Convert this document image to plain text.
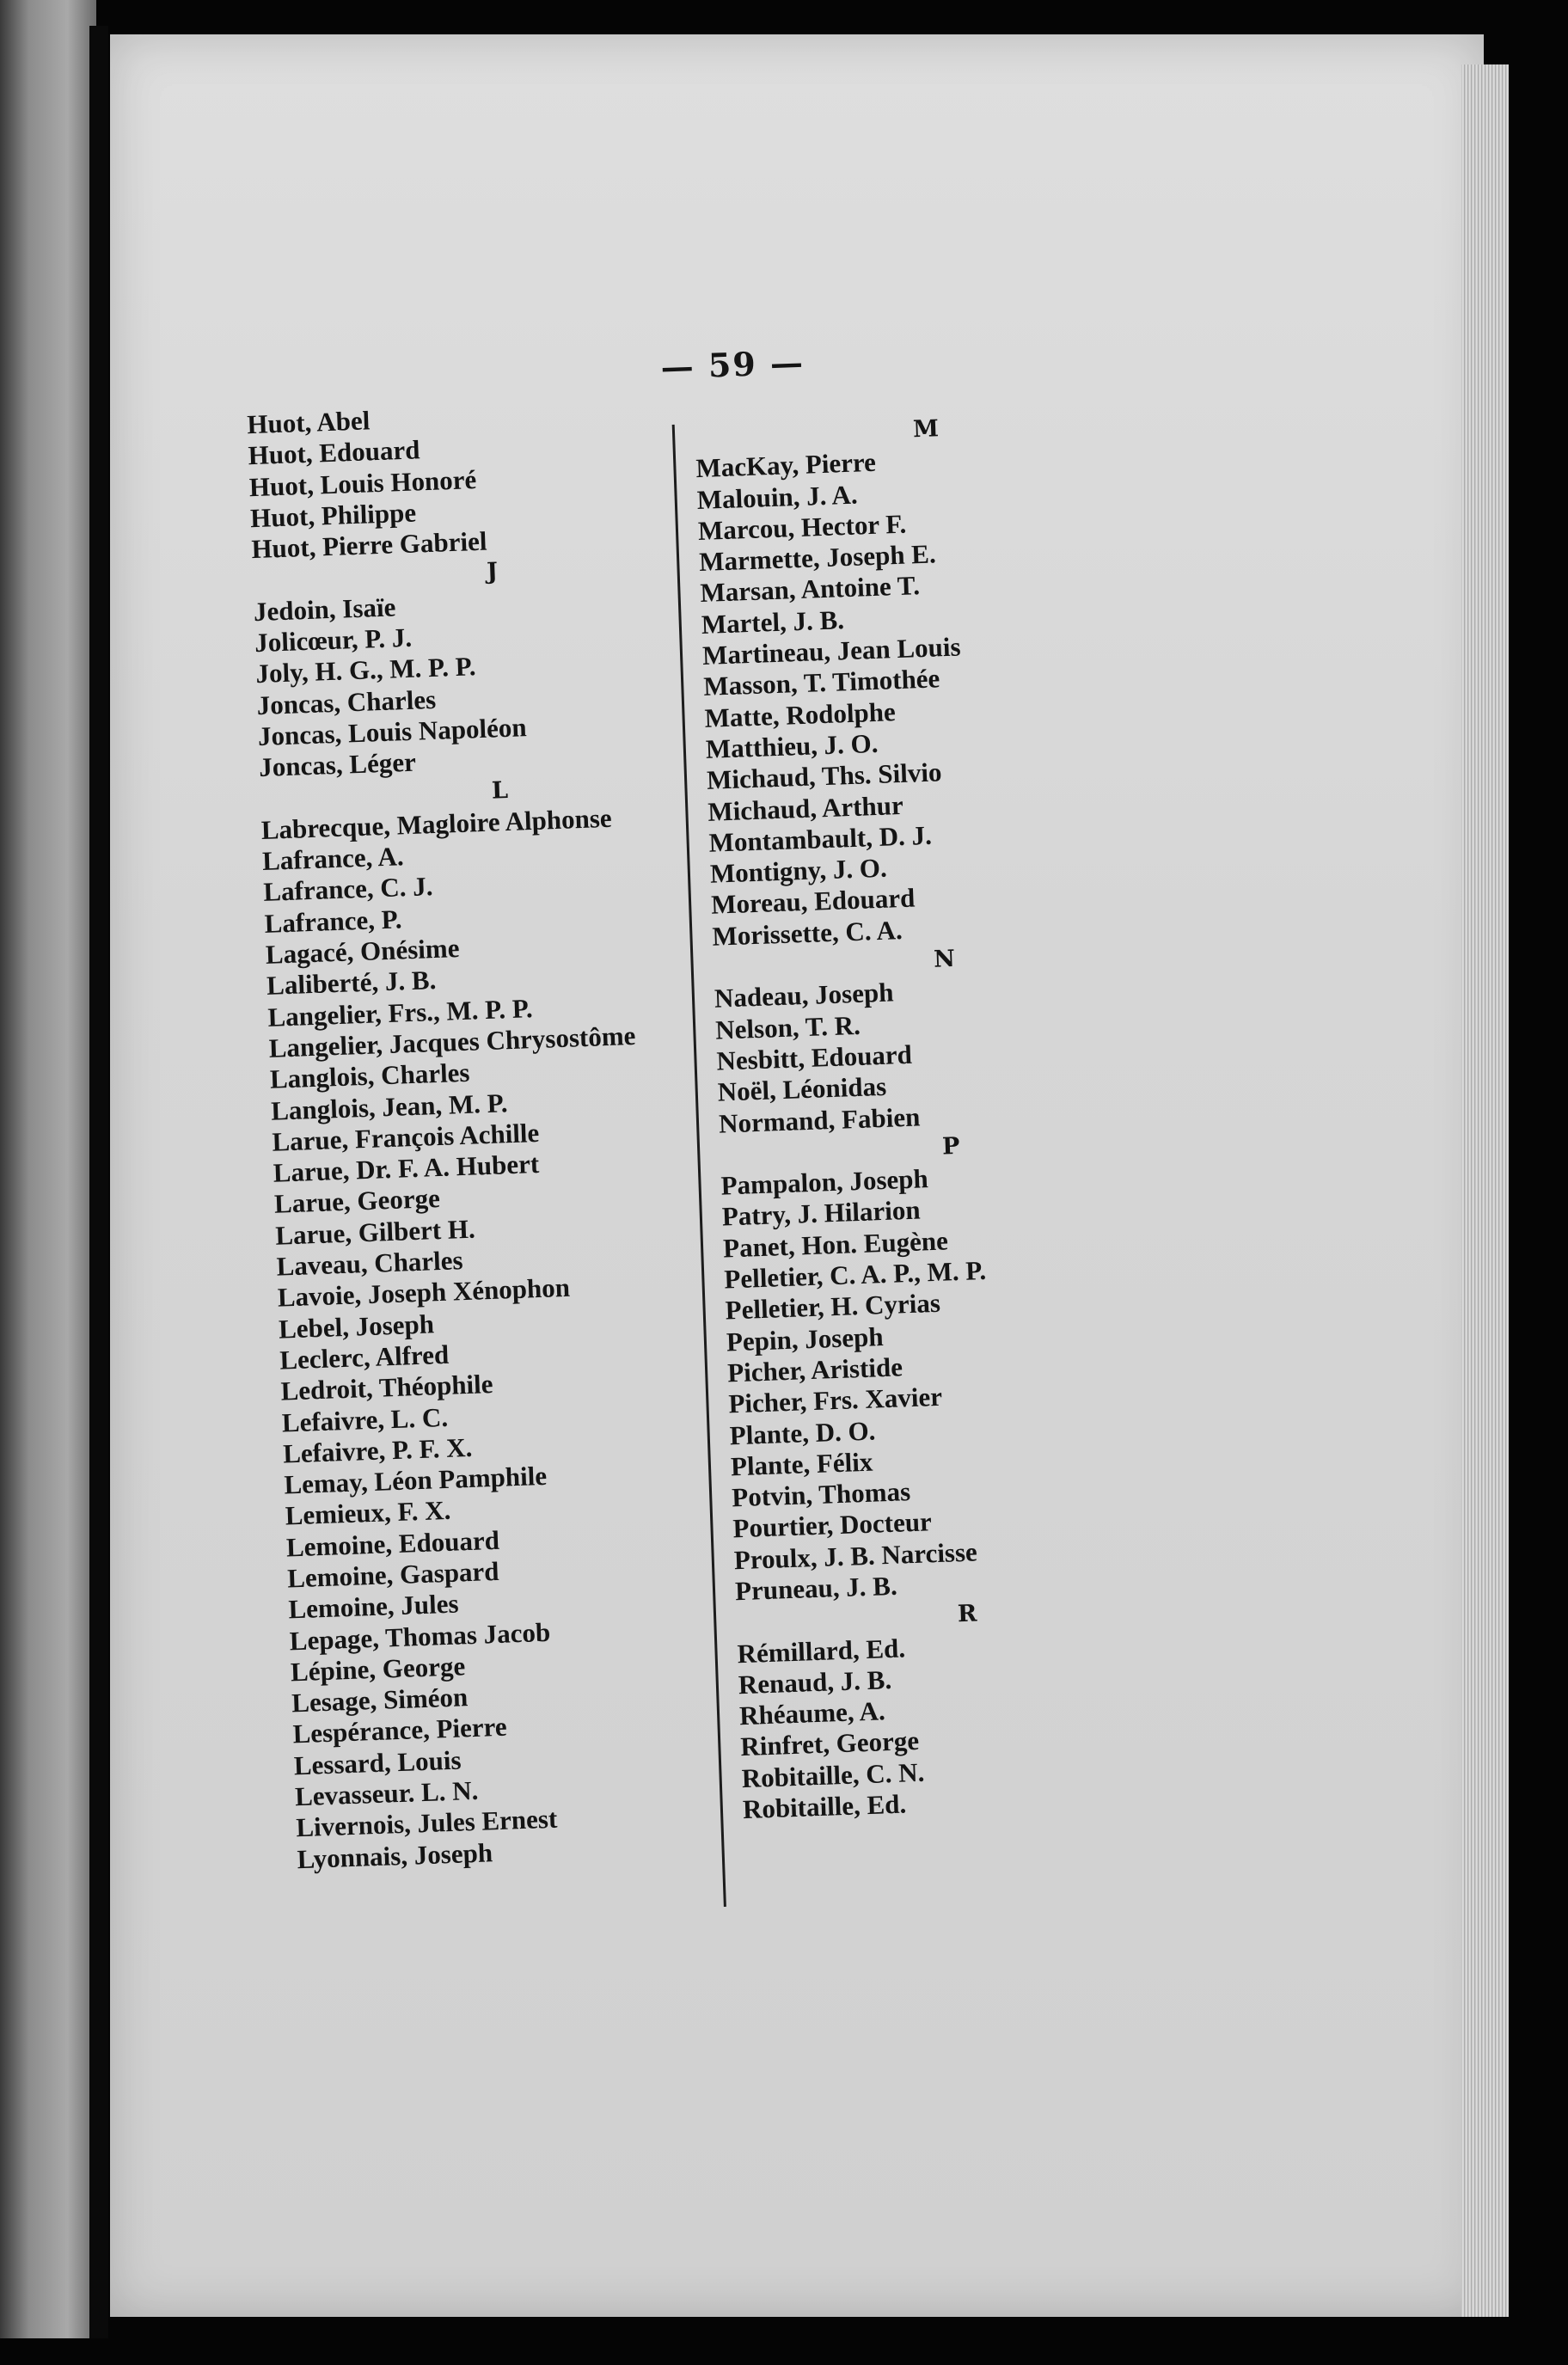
— 59 —
Huot, Abel
Huot, Edouard
Huot, Louis Honoré
Huot, Philippe
Huot, Pierre Gabriel
J
Jedoin, Isaïe
Jolicœur, P. J.
Joly, H. G., M. P. P.
Joncas, Charles
Joncas, Louis Napoléon
Joncas, Léger
L
Labrecque, Magloire Alphonse
Lafrance, A.
Lafrance, C. J.
Lafrance, P.
Lagacé, Onésime
Laliberté, J. B.
Langelier, Frs., M. P. P.
Langelier, Jacques Chrysostôme
Langlois, Charles
Langlois, Jean, M. P.
Larue, François Achille
Larue, Dr. F. A. Hubert
Larue, George
Larue, Gilbert H.
Laveau, Charles
Lavoie, Joseph Xénophon
Lebel, Joseph
Leclerc, Alfred
Ledroit, Théophile
Lefaivre, L. C.
Lefaivre, P. F. X.
Lemay, Léon Pamphile
Lemieux, F. X.
Lemoine, Edouard
Lemoine, Gaspard
Lemoine, Jules
Lepage, Thomas Jacob
Lépine, George
Lesage, Siméon
Lespérance, Pierre
Lessard, Louis
Levasseur. L. N.
Livernois, Jules Ernest
Lyonnais, Joseph
M
MacKay, Pierre
Malouin, J. A.
Marcou, Hector F.
Marmette, Joseph E.
Marsan, Antoine T.
Martel, J. B.
Martineau, Jean Louis
Masson, T. Timothée
Matte, Rodolphe
Matthieu, J. O.
Michaud, Ths. Silvio
Michaud, Arthur
Montambault, D. J.
Montigny, J. O.
Moreau, Edouard
Morissette, C. A.
N
Nadeau, Joseph
Nelson, T. R.
Nesbitt, Edouard
Noël, Léonidas
Normand, Fabien
P
Pampalon, Joseph
Patry, J. Hilarion
Panet, Hon. Eugène
Pelletier, C. A. P., M. P.
Pelletier, H. Cyrias
Pepin, Joseph
Picher, Aristide
Picher, Frs. Xavier
Plante, D. O.
Plante, Félix
Potvin, Thomas
Pourtier, Docteur
Proulx, J. B. Narcisse
Pruneau, J. B.
R
Rémillard, Ed.
Renaud, J. B.
Rhéaume, A.
Rinfret, George
Robitaille, C. N.
Robitaille, Ed.
